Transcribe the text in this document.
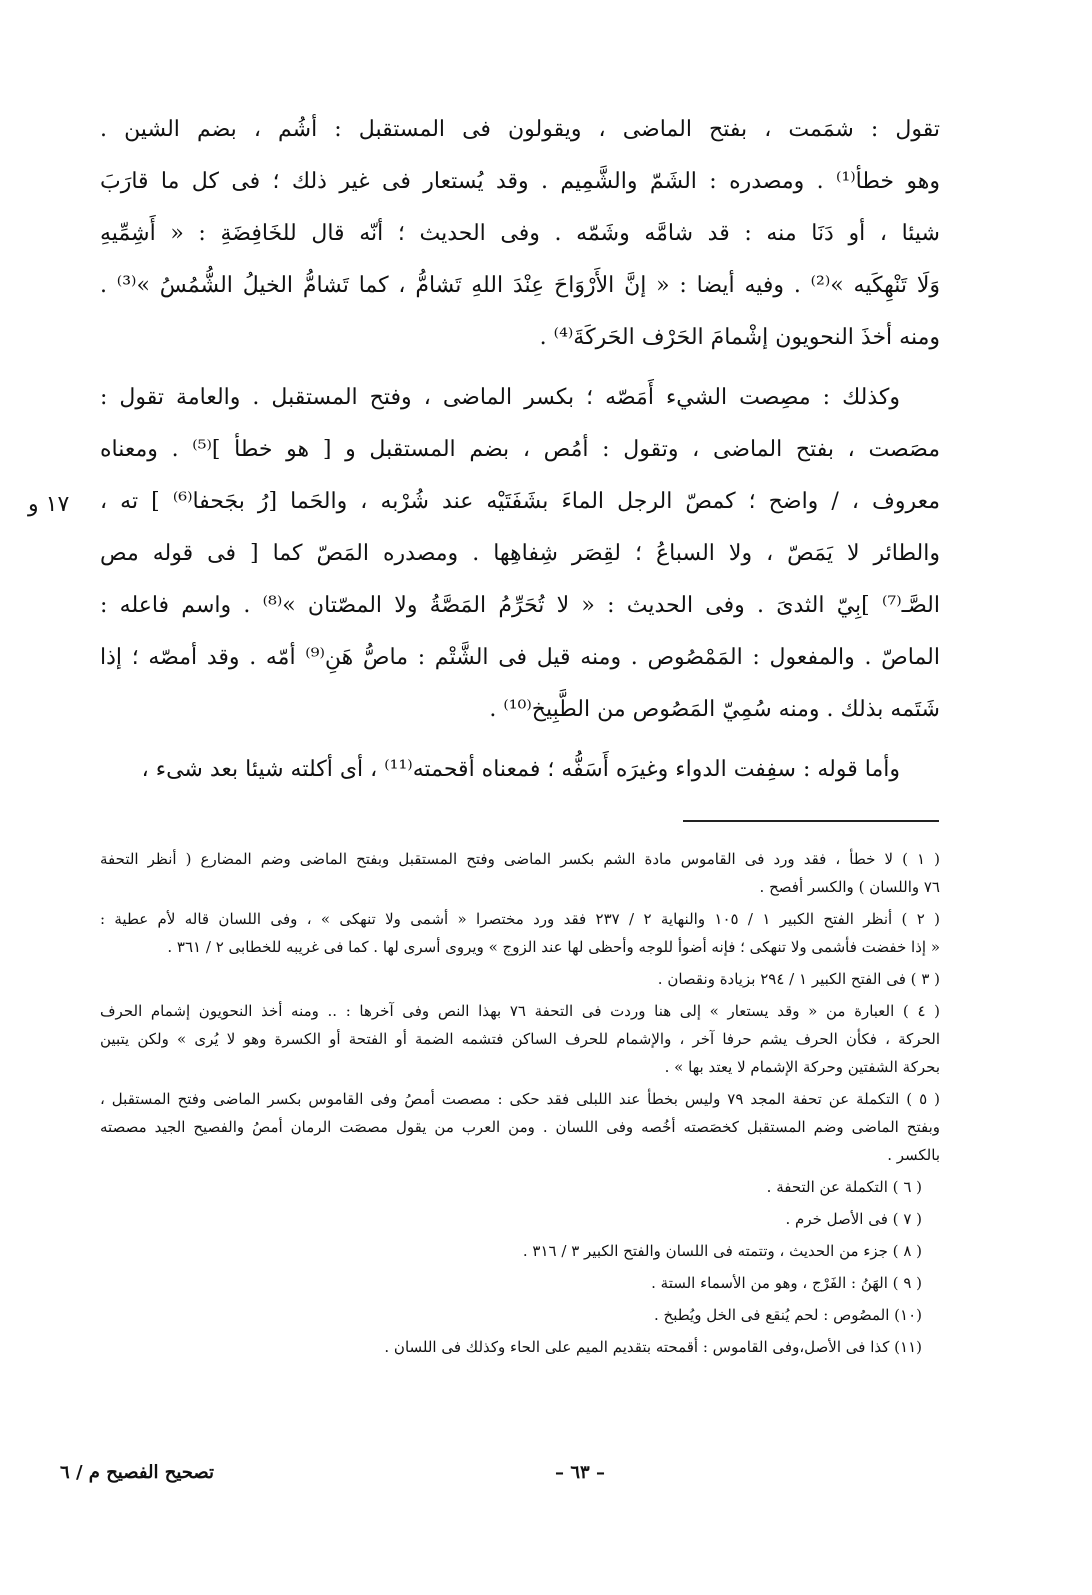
تقول : شمَمت ، بفتح الماضى ، ويقولون فى المستقبل : أشُم ، بضم الشين .
وهو خطأ⁽¹⁾ . ومصدره : الشَمّ والشَّمِيم . وقد يُستعار فى غير ذلك ؛ فى كل ما قارَبَ
شيئا ، أو دَنَا منه : قد شامَّه وشَمّه . وفى الحديث ؛ أنّه قال للخَافِضَةِ : « أَشِمِّيهِ
وَلَا تَنْهِكَيه »⁽²⁾ . وفيه أيضا : « إنَّ الأَرْوَاحَ عِنْدَ اللهِ تَشامُّ ، كما تَشامُّ الخيلُ الشُّمُسُ »⁽³⁾ .
ومنه أخذَ النحويون إشْمامَ الحَرْف الحَركَةَ⁽⁴⁾ .

وكذلك : مصِصت الشيء أَمَصّه ؛ بكسر الماضى ، وفتح المستقبل . والعامة تقول :
مصَصت ، بفتح الماضى ، وتقول : أمُص ، بضم المستقبل و [ هو خطأ ]⁽⁵⁾ . ومعناه
معروف ، / واضح ؛ كمصّ الرجل الماءَ بشَفَتَيْه عند شُرْبه ، والحَما [رُ بجَحفا⁽⁶⁾ ] ته ،
والطائر لا يَمَصّ ، ولا السباعُ ؛ لقِصَر شِفاهِها . ومصدره المَصّ كما [ فى قوله مص
الصَّـ⁽⁷⁾ ]بِيّ الثدىَ . وفى الحديث : « لا تُحَرِّمُ المَصَّةُ ولا المصّتان »⁽⁸⁾ . واسم فاعله :
الماصّ . والمفعول : المَمْصُوص . ومنه قيل فى الشَّتْم : ماصُّ هَنِ⁽⁹⁾ أمّه . وقد أمصّه ؛ إذا
شَتَمه بذلك . ومنه سُمِيّ المَصُوص من الطَّبِيخ⁽¹⁰⁾ .

وأما قوله : سفِفت الدواء وغيرَه أَسَفُّه ؛ فمعناه أقحمته⁽¹¹⁾ ، أى أكلته شيئا بعد شىء ،

١٧ و

( ١ ) لا خطأ ، فقد ورد فى القاموس مادة الشم بكسر الماضى وفتح المستقبل وبفتح الماضى وضم المضارع ( أنظر التحفة
٧٦ واللسان ) والكسر أفصح .

( ٢ ) أنظر الفتح الكبير ١ / ١٠٥ والنهاية ٢ / ٢٣٧ فقد ورد مختصرا « أشمى ولا تنهكى » ، وفى اللسان قاله لأم عطية :
« إذا خفضت فأشمى ولا تنهكى ؛ فإنه أضوأ للوجه وأحظى لها عند الزوج » ويروى أسرى لها . كما فى غريبه للخطابى ٢ / ٣٦١ .

( ٣ ) فى الفتح الكبير ١ / ٢٩٤ بزيادة ونقصان .

( ٤ ) العبارة من « وقد يستعار » إلى هنا وردت فى التحفة ٧٦ بهذا النص وفى آخرها : .. ومنه أخذ النحويون إشمام الحرف
الحركة ، فكأن الحرف يشم حرفا آخر ، والإشمام للحرف الساكن فتشمه الضمة أو الفتحة أو الكسرة وهو لا يُرى » ولكن يتبين
بحركة الشفتين وحركة الإشمام لا يعتد بها » .

( ٥ ) التكملة عن تحفة المجد ٧٩ وليس بخطأ عند اللبلى فقد حكى : مصصت أمصُ وفى القاموس بكسر الماضى وفتح المستقبل ،
وبفتح الماضى وضم المستقبل كخصَصته أخُصه وفى اللسان . ومن العرب من يقول مصصَت الرمان أمصُ والفصيح الجيد مصصته
بالكسر .

( ٦ ) التكملة عن التحفة .

( ٧ ) فى الأصل خرم .

( ٨ ) جزء من الحديث ، وتتمته فى اللسان والفتح الكبير ٣ / ٣١٦ .

( ٩ ) الهَنُ : الفَرْج ، وهو من الأسماء الستة .

(١٠) المصُوص : لحم يُنقع فى الخل ويُطبخ .

(١١) كذا فى الأصل،وفى القاموس : أقمحته بتقديم الميم على الحاء وكذلك فى اللسان .

– ٦٣ –
تصحيح الفصيح م / ٦
